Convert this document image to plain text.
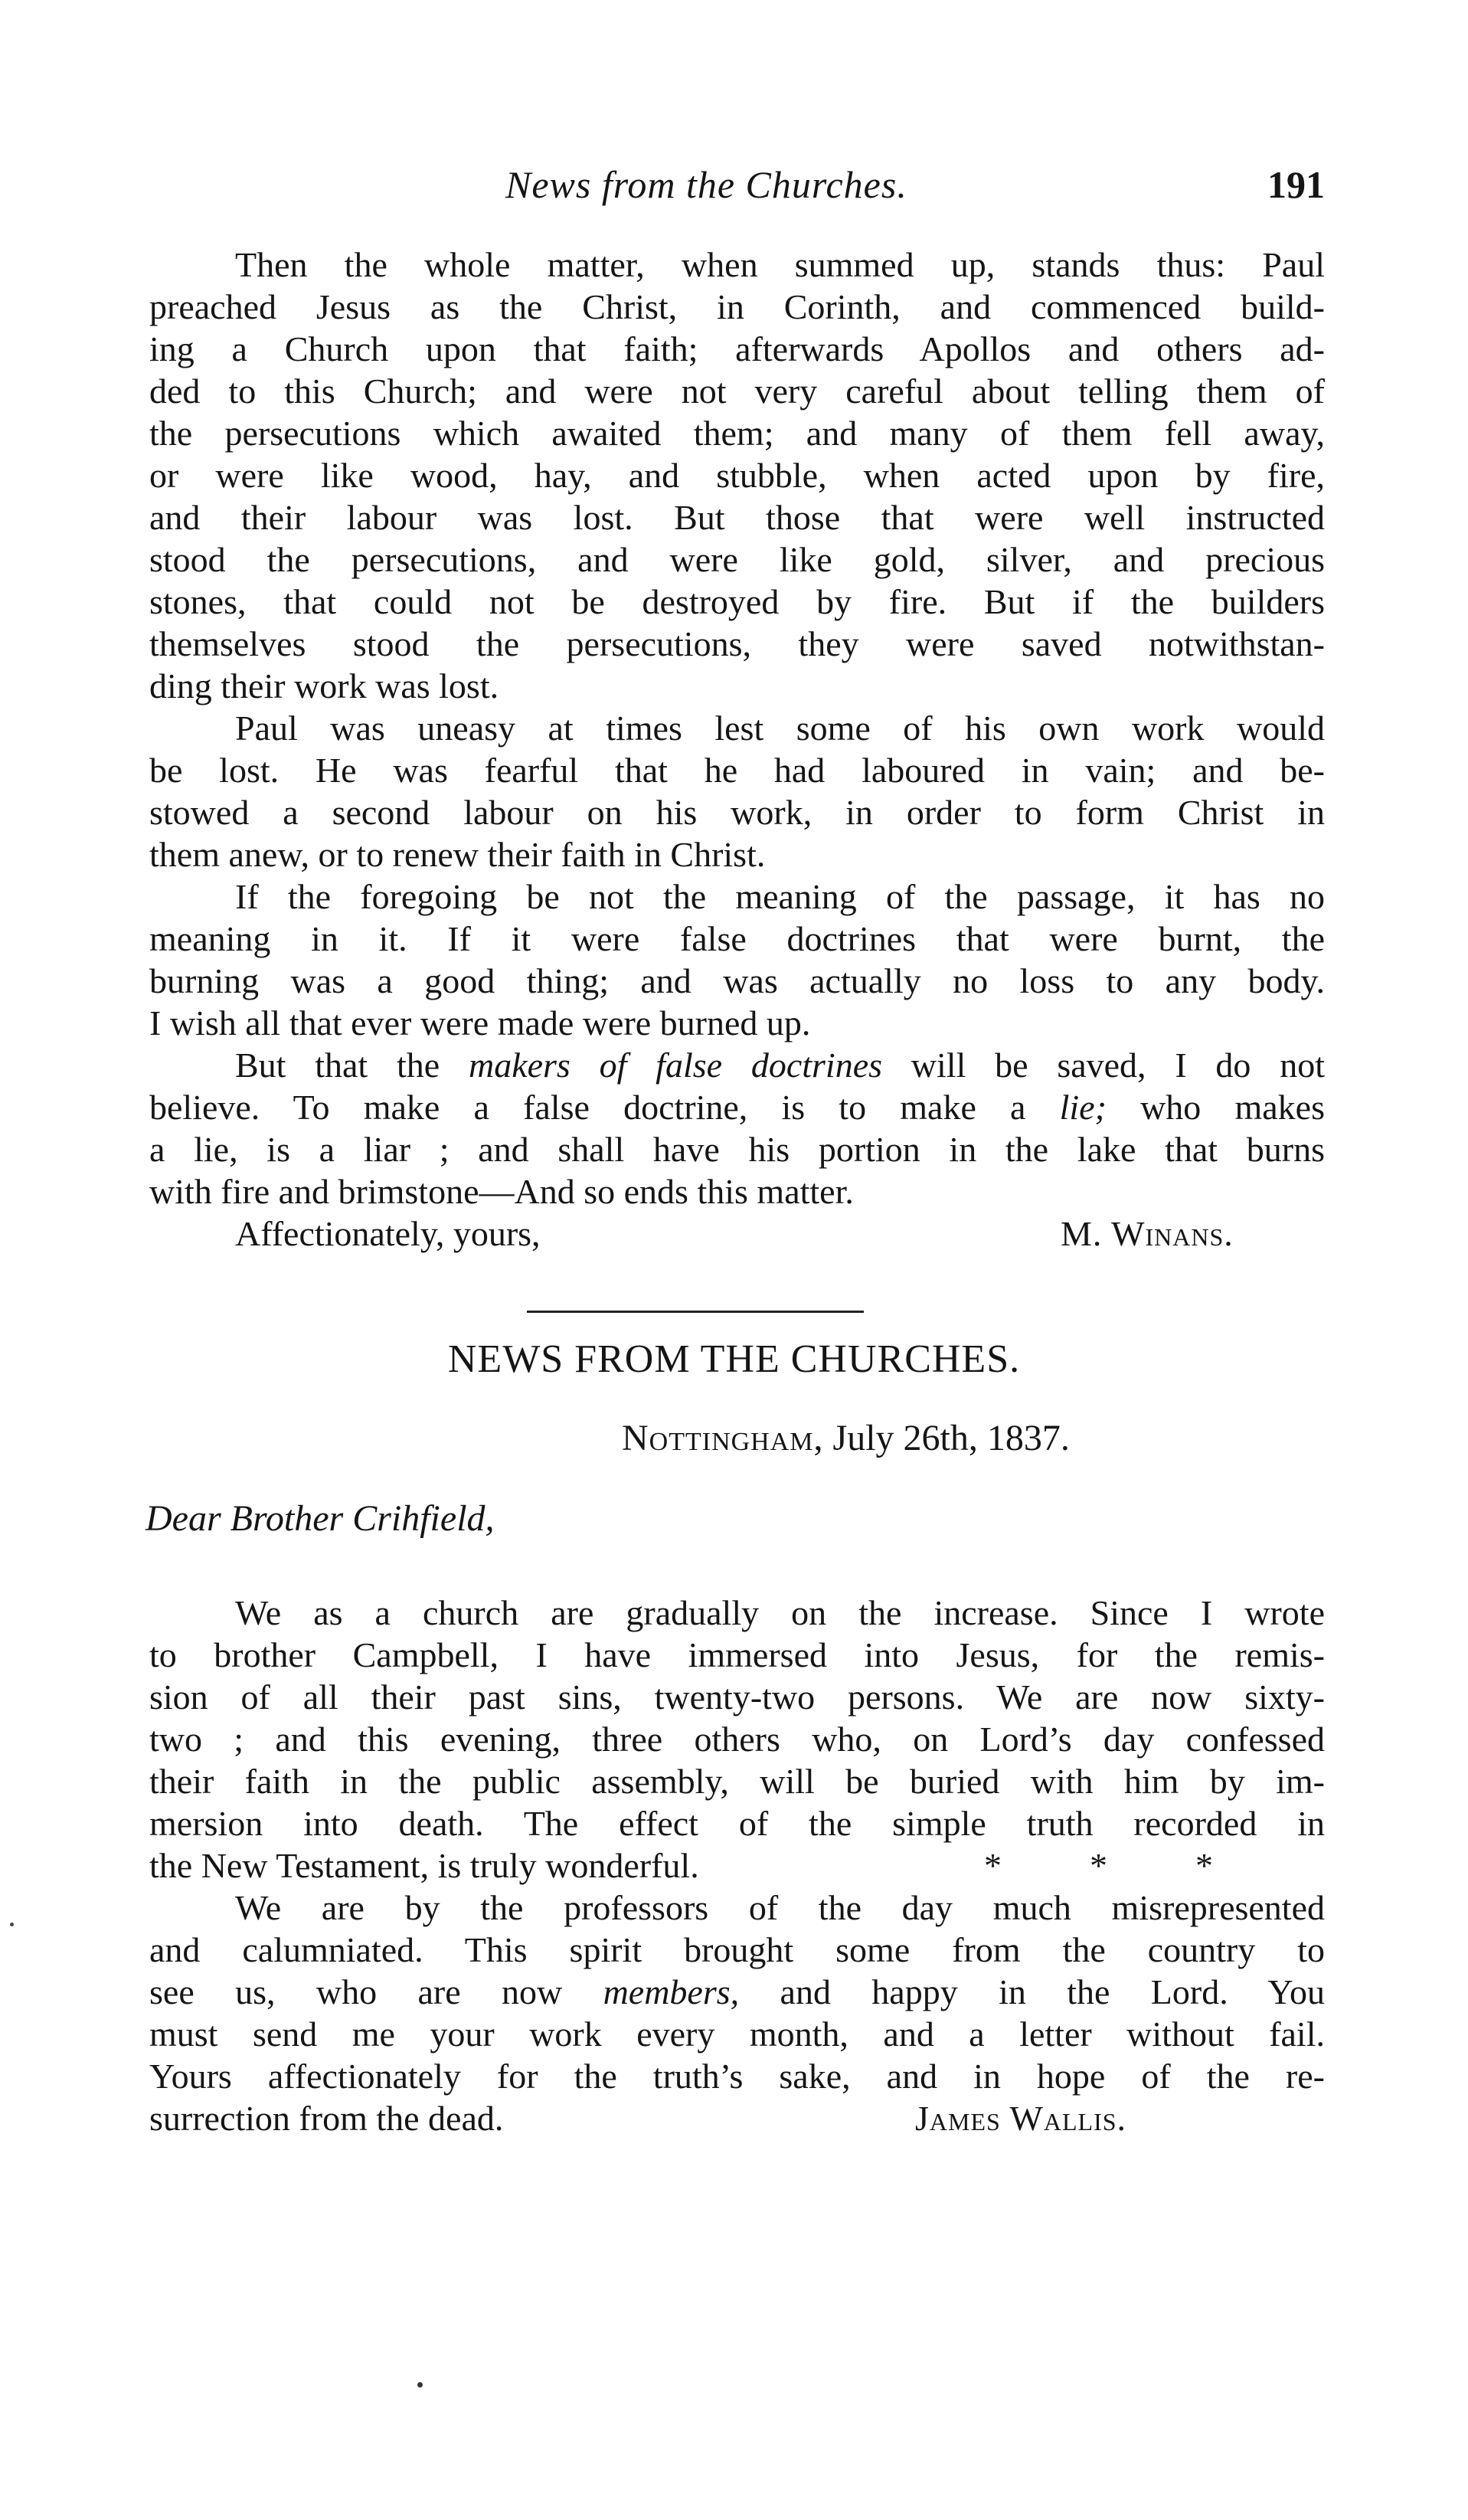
News from the Churches.	191
Then the whole matter, when summed up, stands thus: Paul
preached Jesus as the Christ, in Corinth, and commenced build-
ing a Church upon that faith; afterwards Apollos and others ad-
ded to this Church; and were not very careful about telling them of
the persecutions which awaited them; and many of them fell away,
or were like wood, hay, and stubble, when acted upon by fire,
and their labour was lost. But those that were well instructed
stood the persecutions, and were like gold, silver, and precious
stones, that could not be destroyed by fire. But if the builders
themselves stood the persecutions, they were saved notwithstan-
ding their work was lost.
Paul was uneasy at times lest some of his own work would
be lost. He was fearful that he had laboured in vain; and be-
stowed a second labour on his work, in order to form Christ in
them anew, or to renew their faith in Christ.
If the foregoing be not the meaning of the passage, it has no
meaning in it. If it were false doctrines that were burnt, the
burning was a good thing; and was actually no loss to any body.
I wish all that ever were made were burned up.
But that the makers of false doctrines will be saved, I do not
believe. To make a false doctrine, is to make a lie; who makes
a lie, is a liar ; and shall have his portion in the lake that burns
with fire and brimstone—And so ends this matter.
Affectionately, yours,	M. Winans.
NEWS FROM THE CHURCHES.
Nottingham, July 26th, 1837.
Dear Brother Crihfield,
We as a church are gradually on the increase. Since I wrote
to brother Campbell, I have immersed into Jesus, for the remis-
sion of all their past sins, twenty-two persons. We are now sixty-
two ; and this evening, three others who, on Lord’s day confessed
their faith in the public assembly, will be buried with him by im-
mersion into death. The effect of the simple truth recorded in
the New Testament, is truly wonderful.	*          *          *
We are by the professors of the day much misrepresented
and calumniated. This spirit brought some from the country to
see us, who are now members, and happy in the Lord. You
must send me your work every month, and a letter without fail.
Yours affectionately for the truth’s sake, and in hope of the re-
surrection from the dead.	James Wallis.
